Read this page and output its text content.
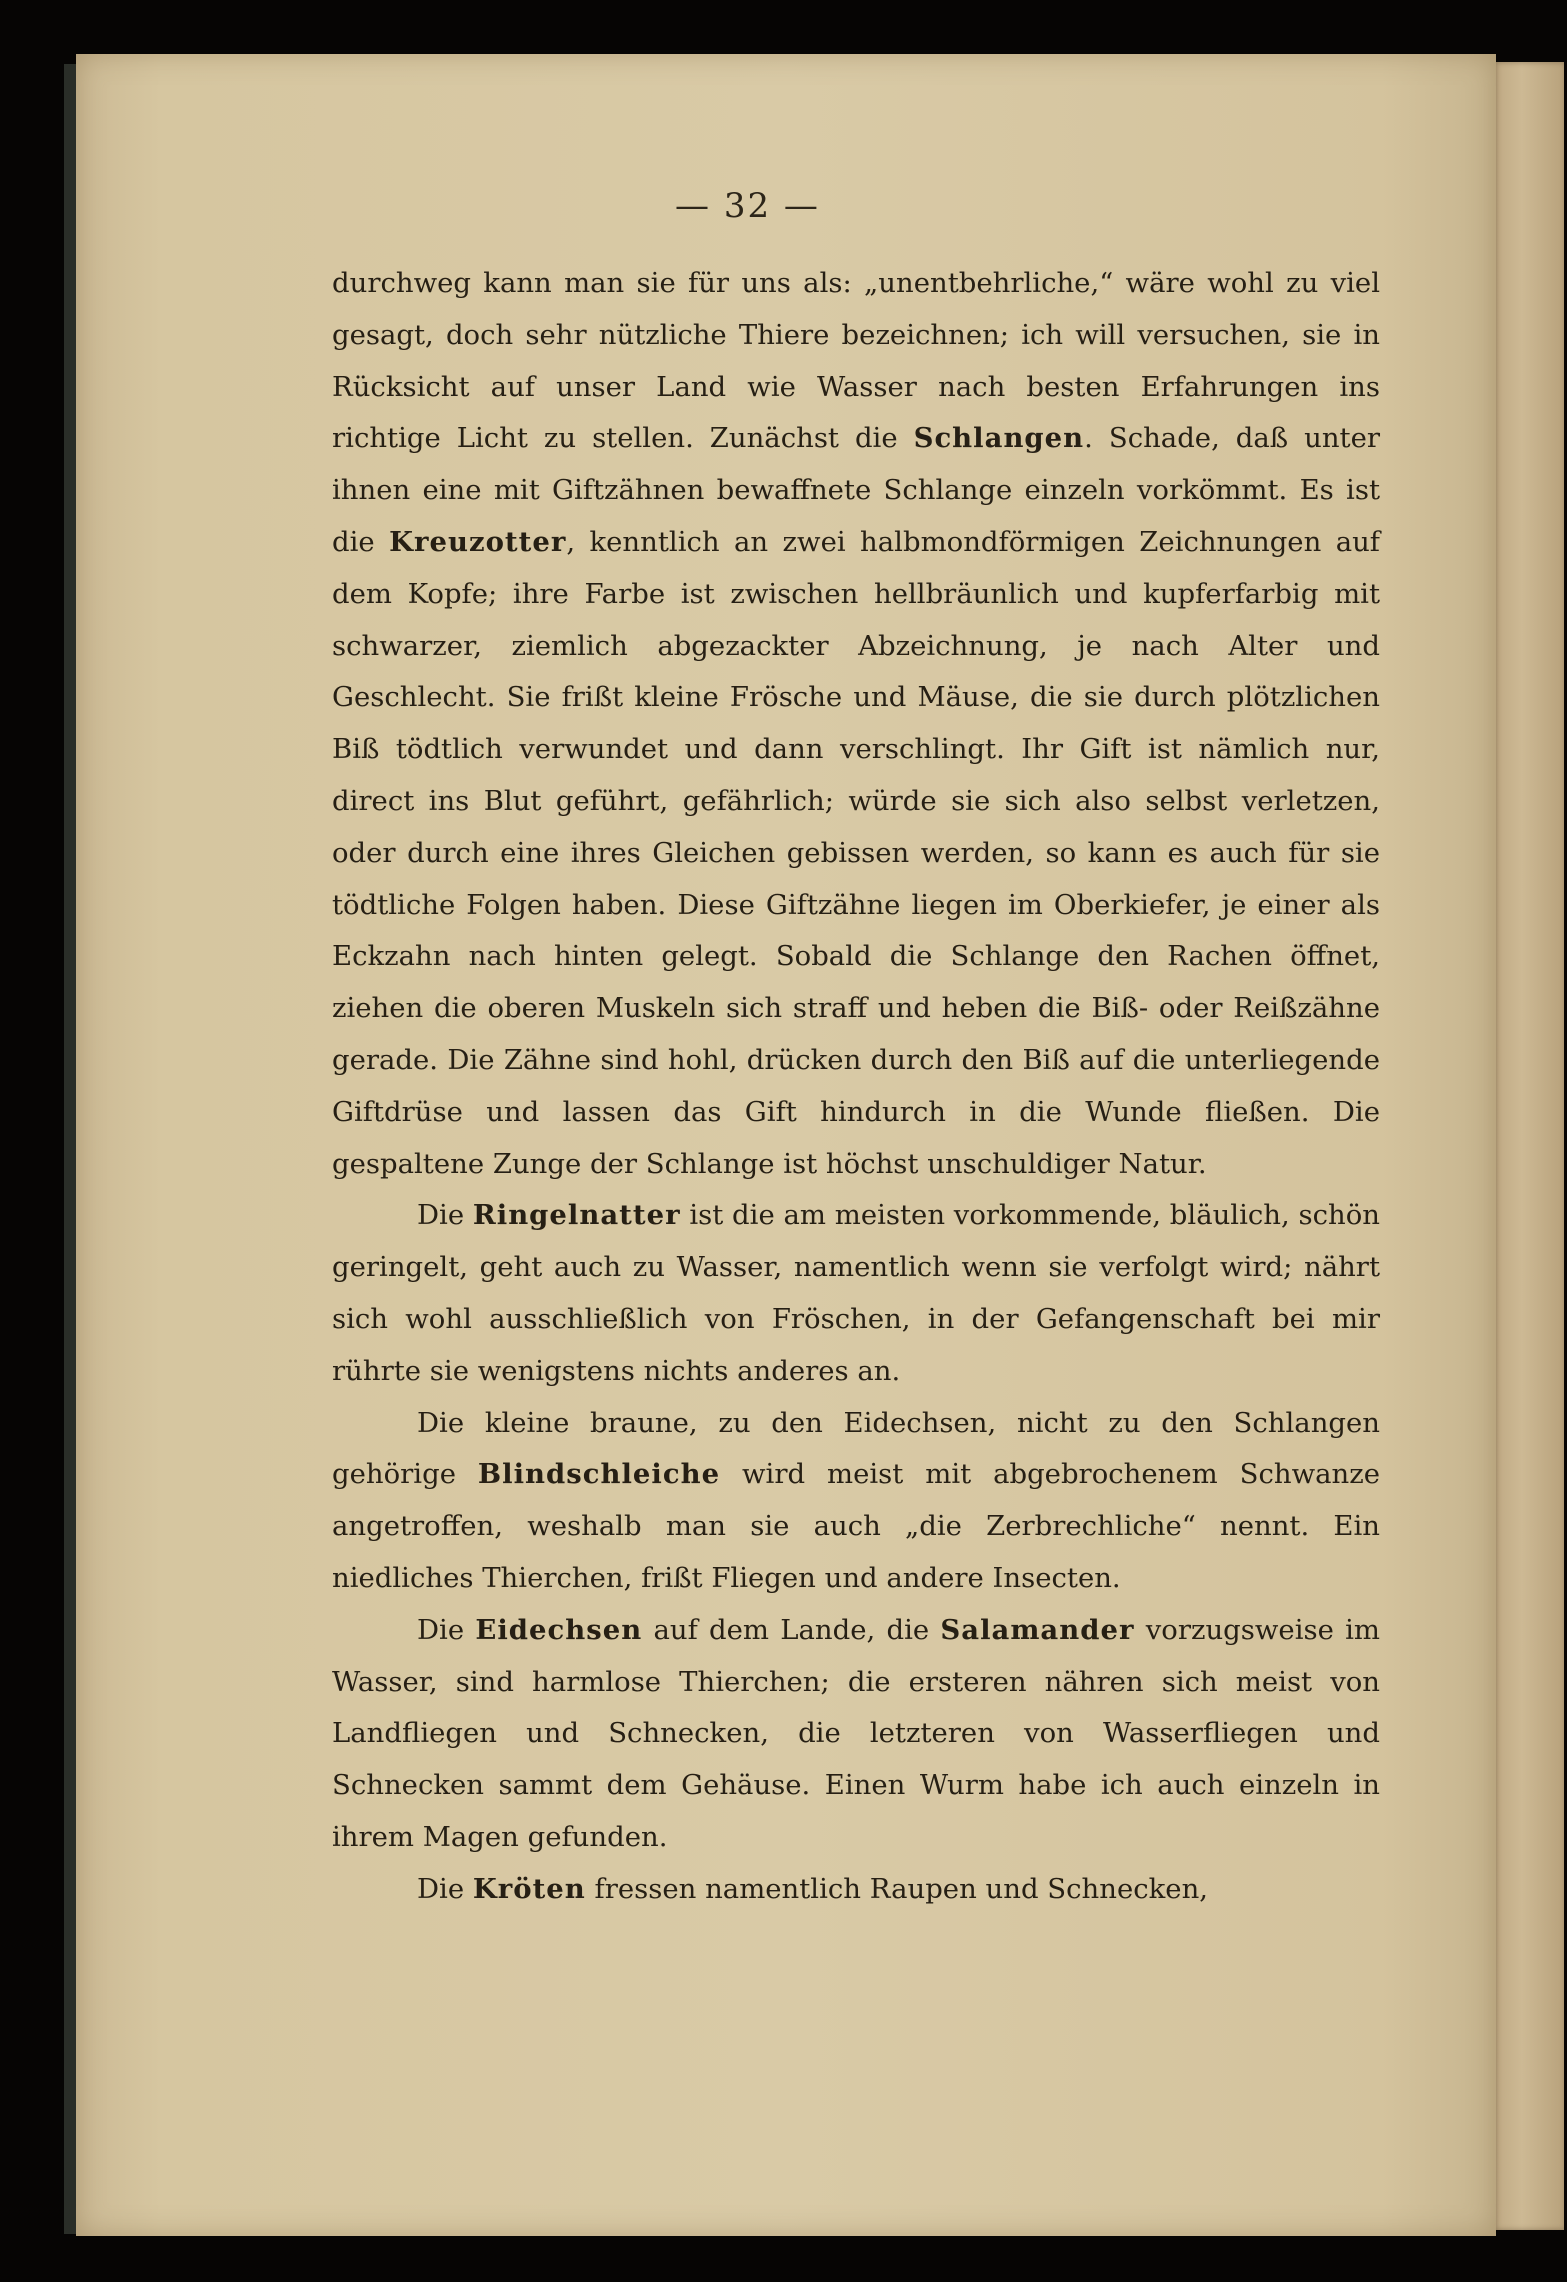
— 32 —

durchweg kann man sie für uns als: „unentbehrliche,“ wäre wohl zu viel gesagt, doch sehr nützliche Thiere bezeichnen; ich will versuchen, sie in Rücksicht auf unser Land wie Wasser nach besten Erfahrungen ins richtige Licht zu stellen. Zunächst die Schlangen. Schade, daß unter ihnen eine mit Giftzähnen bewaffnete Schlange einzeln vorkömmt. Es ist die Kreuzotter, kenntlich an zwei halbmondförmigen Zeichnungen auf dem Kopfe; ihre Farbe ist zwischen hellbräunlich und kupferfarbig mit schwarzer, ziemlich abgezackter Abzeichnung, je nach Alter und Geschlecht. Sie frißt kleine Frösche und Mäuse, die sie durch plötzlichen Biß tödtlich verwundet und dann verschlingt. Ihr Gift ist nämlich nur, direct ins Blut geführt, gefährlich; würde sie sich also selbst verletzen, oder durch eine ihres Gleichen gebissen werden, so kann es auch für sie tödtliche Folgen haben. Diese Giftzähne liegen im Oberkiefer, je einer als Eckzahn nach hinten gelegt. Sobald die Schlange den Rachen öffnet, ziehen die oberen Muskeln sich straff und heben die Biß- oder Reißzähne gerade. Die Zähne sind hohl, drücken durch den Biß auf die unterliegende Giftdrüse und lassen das Gift hindurch in die Wunde fließen. Die gespaltene Zunge der Schlange ist höchst unschuldiger Natur.

Die Ringelnatter ist die am meisten vorkommende, bläulich, schön geringelt, geht auch zu Wasser, namentlich wenn sie verfolgt wird; nährt sich wohl ausschließlich von Fröschen, in der Gefangenschaft bei mir rührte sie wenigstens nichts anderes an.

Die kleine braune, zu den Eidechsen, nicht zu den Schlangen gehörige Blindschleiche wird meist mit abgebrochenem Schwanze angetroffen, weshalb man sie auch „die Zerbrechliche“ nennt. Ein niedliches Thierchen, frißt Fliegen und andere Insecten.

Die Eidechsen auf dem Lande, die Salamander vorzugsweise im Wasser, sind harmlose Thierchen; die ersteren nähren sich meist von Landfliegen und Schnecken, die letzteren von Wasserfliegen und Schnecken sammt dem Gehäuse. Einen Wurm habe ich auch einzeln in ihrem Magen gefunden.

Die Kröten fressen namentlich Raupen und Schnecken,
